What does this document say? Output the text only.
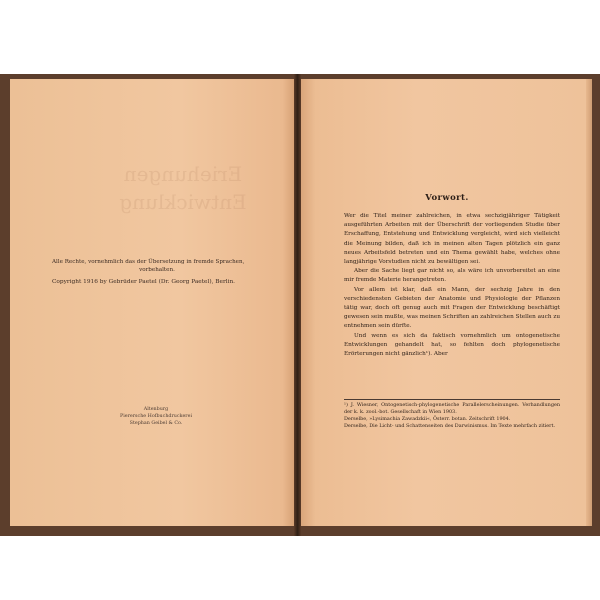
Eriehungen
Entwicklung
Alle Rechte, vornehmlich das der Übersetzung in fremde Sprachen,
vorbehalten.
Copyright 1916 by Gebrüder Paetel (Dr. Georg Paetel), Berlin.
Altenburg
Pierersche Hofbuchdruckerei
Stephan Geibel & Co.
Vorwort.

Wer die Titel meiner zahlreichen, in etwa sechzigjähriger Tätigkeit ausgeführten Arbeiten mit der Überschrift der vorliegenden Studie über Erschaffung, Entstehung und Entwicklung vergleicht, wird sich vielleicht die Meinung bilden, daß ich in meinen alten Tagen plötzlich ein ganz neues Arbeitsfeld betreten und ein Thema gewählt habe, welches ohne langjährige Vorstudien nicht zu bewältigen sei.

Aber die Sache liegt gar nicht so, als wäre ich unvorbereitet an eine mir fremde Materie herangetreten.

Vor allem ist klar, daß ein Mann, der sechzig Jahre in den verschiedensten Gebieten der Anatomie und Physiologie der Pflanzen tätig war, doch oft genug auch mit Fragen der Entwicklung beschäftigt gewesen sein mußte, was meinen Schriften an zahlreichen Stellen auch zu entnehmen sein dürfte.

Und wenn es sich da faktisch vornehmlich um ontogenetische Entwicklungen gehandelt hat, so fehlten doch phylogenetische Erörterungen nicht gänzlich¹). Aber

¹) J. Wiesner, Ontogenetisch-phylogenetische Parallelerscheinungen. Verhandlungen der k. k. zool.-bot. Gesellschaft in Wien 1903.

Derselbe, »Lysimachia Zawadzkii«, Österr. botan. Zeitschrift 1904.

Derselbe, Die Licht- und Schattenseiten des Darwinismus. Im Texte mehrfach zitiert.
